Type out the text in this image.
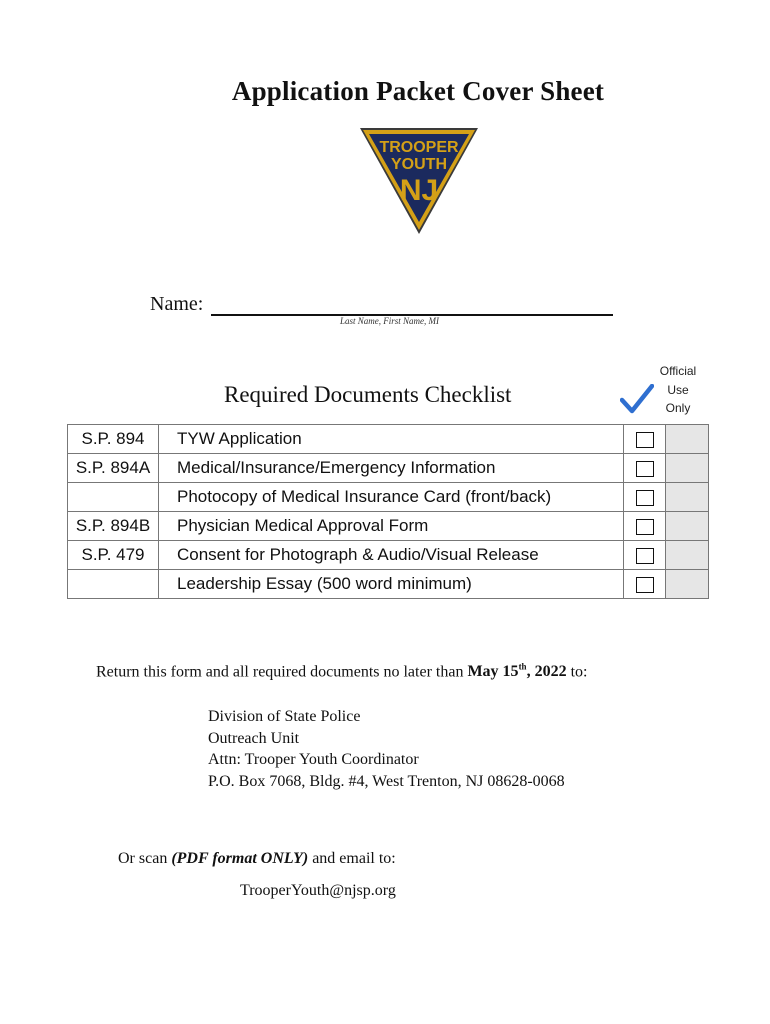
Application Packet Cover Sheet
TROOPER
YOUTH
NJ
Name:
Last Name, First Name, MI
Official
Use
Only
Required Documents Checklist
S.P. 894	TYW Application		
S.P. 894A	Medical/Insurance/Emergency Information		
	Photocopy of Medical Insurance Card (front/back)		
S.P. 894B	Physician Medical Approval Form		
S.P. 479	Consent for Photograph & Audio/Visual Release		
	Leadership Essay (500 word minimum)		
Return this form and all required documents no later than May 15th, 2022 to:
Division of State Police
Outreach Unit
Attn: Trooper Youth Coordinator
P.O. Box 7068, Bldg. #4, West Trenton, NJ 08628-0068
Or scan (PDF format ONLY) and email to:
TrooperYouth@njsp.org
